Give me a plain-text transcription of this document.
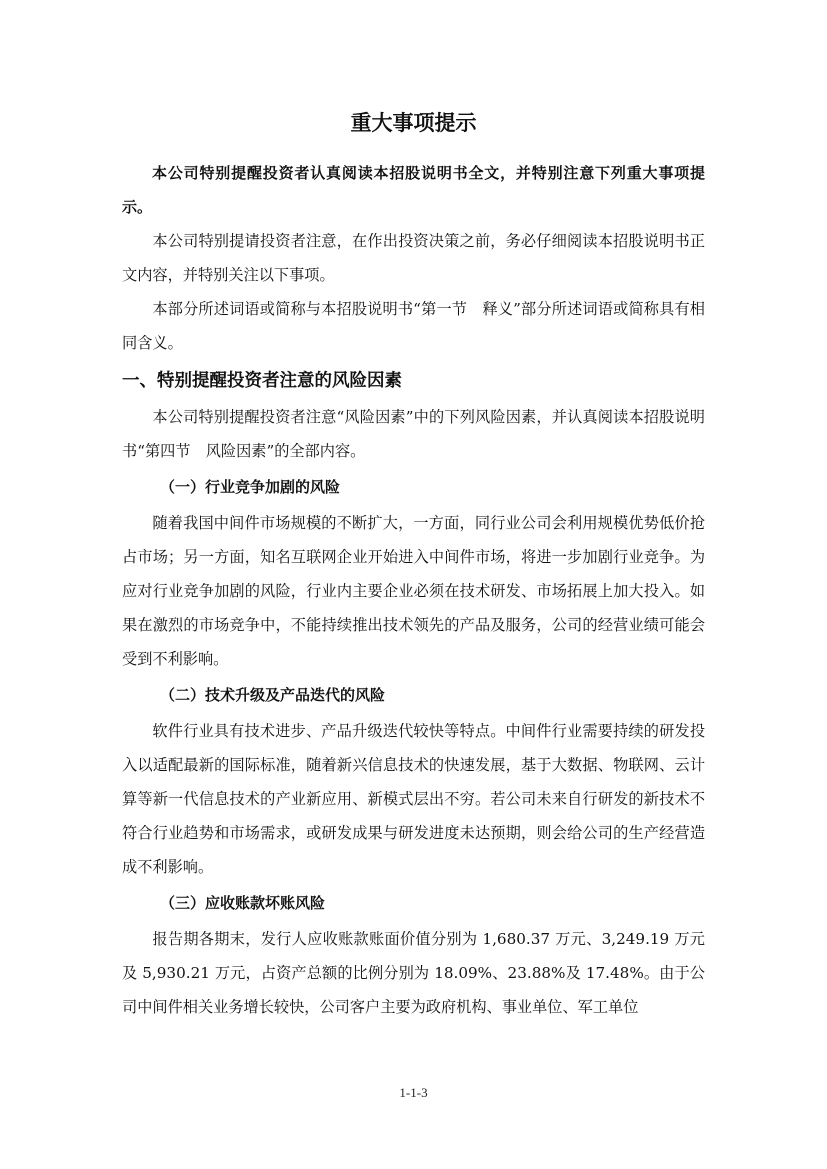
重大事项提示

本公司特别提醒投资者认真阅读本招股说明书全文，并特别注意下列重大事项提示。

本公司特别提请投资者注意，在作出投资决策之前，务必仔细阅读本招股说明书正文内容，并特别关注以下事项。

本部分所述词语或简称与本招股说明书“第一节　释义”部分所述词语或简称具有相同含义。

一、特别提醒投资者注意的风险因素

本公司特别提醒投资者注意“风险因素”中的下列风险因素，并认真阅读本招股说明书“第四节　风险因素”的全部内容。

（一）行业竞争加剧的风险

随着我国中间件市场规模的不断扩大，一方面，同行业公司会利用规模优势低价抢占市场；另一方面，知名互联网企业开始进入中间件市场，将进一步加剧行业竞争。为应对行业竞争加剧的风险，行业内主要企业必须在技术研发、市场拓展上加大投入。如果在激烈的市场竞争中，不能持续推出技术领先的产品及服务，公司的经营业绩可能会受到不利影响。

（二）技术升级及产品迭代的风险

软件行业具有技术进步、产品升级迭代较快等特点。中间件行业需要持续的研发投入以适配最新的国际标准，随着新兴信息技术的快速发展，基于大数据、物联网、云计算等新一代信息技术的产业新应用、新模式层出不穷。若公司未来自行研发的新技术不符合行业趋势和市场需求，或研发成果与研发进度未达预期，则会给公司的生产经营造成不利影响。

（三）应收账款坏账风险

报告期各期末，发行人应收账款账面价值分别为 1,680.37 万元、3,249.19 万元及 5,930.21 万元，占资产总额的比例分别为 18.09%、23.88%及 17.48%。由于公司中间件相关业务增长较快，公司客户主要为政府机构、事业单位、军工单位

1-1-3
